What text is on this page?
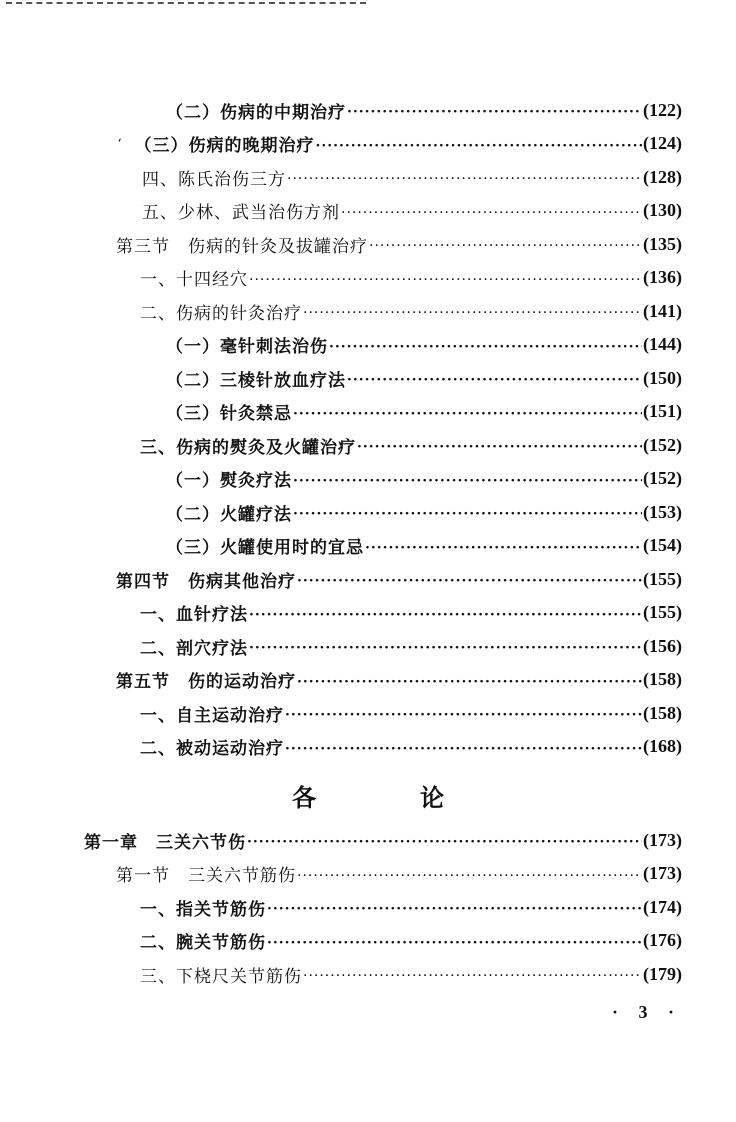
各　论
· 3 ·
（二）伤病的中期治疗 ·····	(122)
ʻ （三）伤病的晚期治疗 ·····	(124)
四、陈氏治伤三方 ·····	(128)
五、少林、武当治伤方剂 ·····	(130)
第三节　伤病的针灸及拔罐治疗 ·····	(135)
一、十四经穴 ·····	(136)
二、伤病的针灸治疗 ·····	(141)
（一）毫针刺法治伤 ·····	(144)
（二）三棱针放血疗法 ·····	(150)
（三）针灸禁忌 ·····	(151)
三、伤病的熨灸及火罐治疗 ·····	(152)
（一）熨灸疗法 ·····	(152)
（二）火罐疗法 ·····	(153)
（三）火罐使用时的宜忌 ·····	(154)
第四节　伤病其他治疗 ·····	(155)
一、血针疗法 ·····	(155)
二、剖穴疗法 ·····	(156)
第五节　伤的运动治疗 ·····	(158)
一、自主运动治疗 ·····	(158)
二、被动运动治疗 ·····	(168)
第一章　三关六节伤 ·····	(173)
第一节　三关六节筋伤 ·····	(173)
一、指关节筋伤 ·····	(174)
二、腕关节筋伤 ·····	(176)
三、下桡尺关节筋伤 ·····	(179)
